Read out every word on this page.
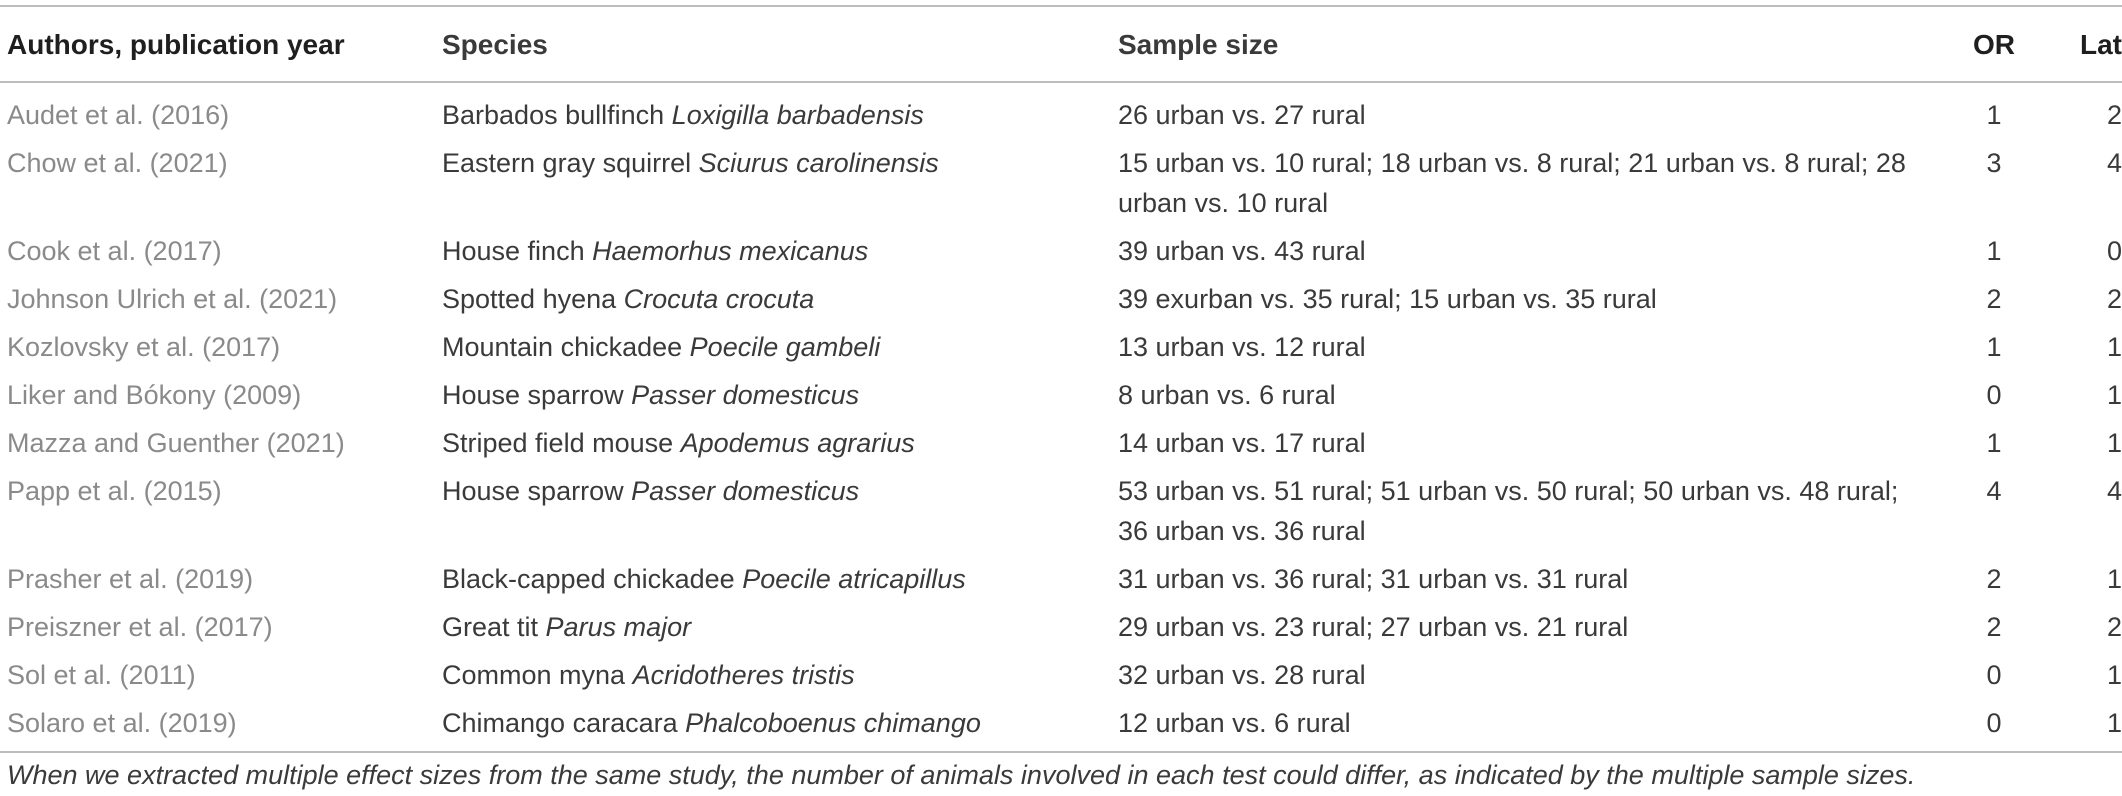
Authors, publication year	Species	Sample size	OR	Lat
Audet et al. (2016)	Barbados bullfinch Loxigilla barbadensis	26 urban vs. 27 rural	1	2
Chow et al. (2021)	Eastern gray squirrel Sciurus carolinensis	15 urban vs. 10 rural; 18 urban vs. 8 rural; 21 urban vs. 8 rural; 28 urban vs. 10 rural	3	4
Cook et al. (2017)	House finch Haemorhus mexicanus	39 urban vs. 43 rural	1	0
Johnson Ulrich et al. (2021)	Spotted hyena Crocuta crocuta	39 exurban vs. 35 rural; 15 urban vs. 35 rural	2	2
Kozlovsky et al. (2017)	Mountain chickadee Poecile gambeli	13 urban vs. 12 rural	1	1
Liker and Bókony (2009)	House sparrow Passer domesticus	8 urban vs. 6 rural	0	1
Mazza and Guenther (2021)	Striped field mouse Apodemus agrarius	14 urban vs. 17 rural	1	1
Papp et al. (2015)	House sparrow Passer domesticus	53 urban vs. 51 rural; 51 urban vs. 50 rural; 50 urban vs. 48 rural; 36 urban vs. 36 rural	4	4
Prasher et al. (2019)	Black-capped chickadee Poecile atricapillus	31 urban vs. 36 rural; 31 urban vs. 31 rural	2	1
Preiszner et al. (2017)	Great tit Parus major	29 urban vs. 23 rural; 27 urban vs. 21 rural	2	2
Sol et al. (2011)	Common myna Acridotheres tristis	32 urban vs. 28 rural	0	1
Solaro et al. (2019)	Chimango caracara Phalcoboenus chimango	12 urban vs. 6 rural	0	1
When we extracted multiple effect sizes from the same study, the number of animals involved in each test could differ, as indicated by the multiple sample sizes.
